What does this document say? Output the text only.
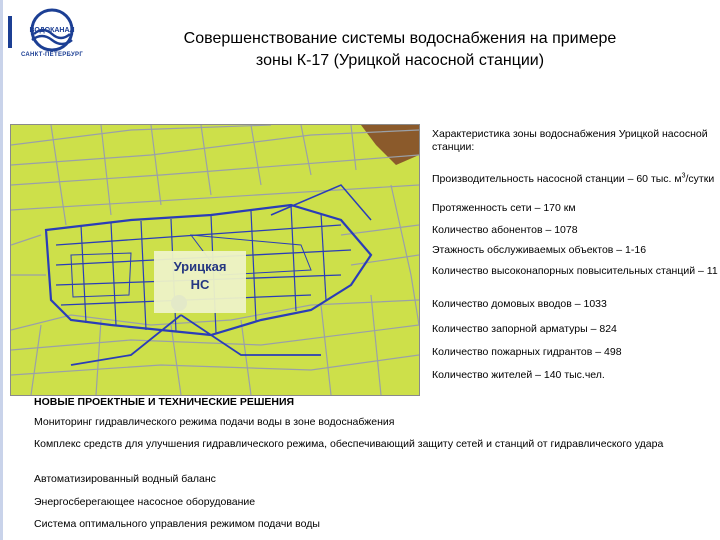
ВОДОКАНАЛ
САНКТ-ПЕТЕРБУРГ
Совершенствование системы водоснабжения на примере
зоны К-17 (Урицкой насосной станции)
Урицкая
НС
Характеристика зоны водоснабжения Урицкой насосной станции:
Производительность насосной станции – 60 тыс. $м^3$/сутки
Протяженность сети – 170 км
Количество абонентов – 1078
Этажность обслуживаемых объектов – 1-16
Количество высоконапорных повысительных станций – 11
Количество домовых вводов – 1033
Количество запорной арматуры – 824
Количество пожарных гидрантов – 498
Количество жителей – 140 тыс.чел.
НОВЫЕ ПРОЕКТНЫЕ И ТЕХНИЧЕСКИЕ РЕШЕНИЯ
Мониторинг гидравлического режима подачи воды в зоне водоснабжения
Комплекс средств для улучшения гидравлического режима, обеспечивающий защиту сетей и станций от гидравлического удара
Автоматизированный водный баланс
Энергосберегающее насосное оборудование
Система оптимального управления режимом подачи воды
